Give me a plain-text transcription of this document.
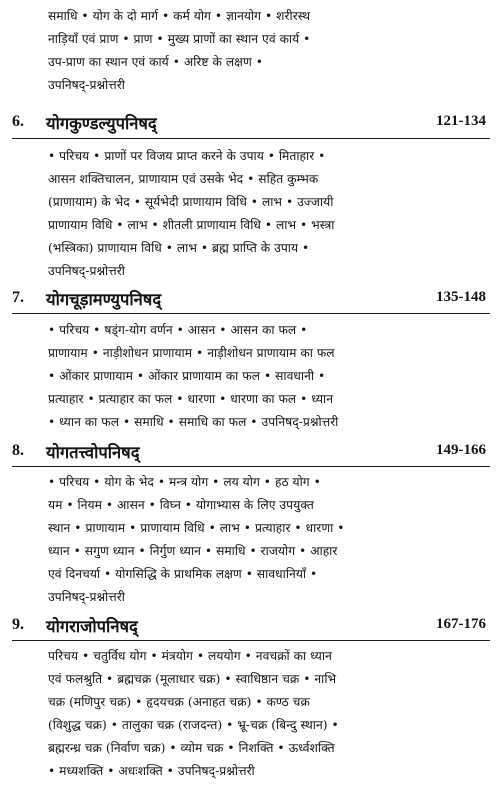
समाधि • योग के दो मार्ग • कर्म योग • ज्ञानयोग • शरीरस्थ
नाड़ियाँ एवं प्राण • प्राण • मुख्य प्राणों का स्थान एवं कार्य •
उप-प्राण का स्थान एवं कार्य • अरिष्ट के लक्षण •
उपनिषद्-प्रश्नोत्तरी
6. योगकुण्डल्युपनिषद्	121-134
• परिचय • प्राणों पर विजय प्राप्त करने के उपाय • मिताहार •
आसन शक्तिचालन, प्राणायाम एवं उसके भेद • सहित कुम्भक
(प्राणायाम) के भेद • सूर्यभेदी प्राणायाम विधि • लाभ • उज्जायी
प्राणायाम विधि • लाभ • शीतली प्राणायाम विधि • लाभ • भस्त्रा
(भस्त्रिका) प्राणायाम विधि • लाभ • ब्रह्म प्राप्ति के उपाय •
उपनिषद्-प्रश्नोत्तरी
7. योगचूड़ामण्युपनिषद्	135-148
• परिचय • षड्ंग-योग वर्णन • आसन • आसन का फल •
प्राणायाम • नाड़ीशोधन प्राणायाम • नाड़ीशोधन प्राणायाम का फल
• ओंकार प्राणायाम • ओंकार प्राणायाम का फल • सावधानी •
प्रत्याहार • प्रत्याहार का फल • धारणा • धारणा का फल • ध्यान
• ध्यान का फल • समाधि • समाधि का फल • उपनिषद्-प्रश्नोत्तरी
8. योगतत्त्वोपनिषद्	149-166
• परिचय • योग के भेद • मन्त्र योग • लय योग • हठ योग •
यम • नियम • आसन • विघ्न • योगाभ्यास के लिए उपयुक्त
स्थान • प्राणायाम • प्राणायाम विधि • लाभ • प्रत्याहार • धारणा •
ध्यान • सगुण ध्यान • निर्गुण ध्यान • समाधि • राजयोग • आहार
एवं दिनचर्या • योगसिद्धि के प्राथमिक लक्षण • सावधानियाँ •
उपनिषद्-प्रश्नोत्तरी
9. योगराजोपनिषद्	167-176
परिचय • चतुर्विध योग • मंत्रयोग • लययोग • नवचक्रों का ध्यान
एवं फलश्रुति • ब्रह्मचक्र (मूलाधार चक्र) • स्वाधिष्ठान चक्र • नाभि
चक्र (मणिपुर चक्र) • हृदयचक्र (अनाहत चक्र) • कण्ठ चक्र
(विशुद्ध चक्र) • तालुका चक्र (राजदन्त) • भ्रू-चक्र (बिन्दु स्थान) •
ब्रह्मरन्ध्र चक्र (निर्वाण चक्र) • व्योम चक्र • निशक्ति • ऊर्ध्वशक्ति
• मध्यशक्ति • अधःशक्ति • उपनिषद्-प्रश्नोत्तरी
